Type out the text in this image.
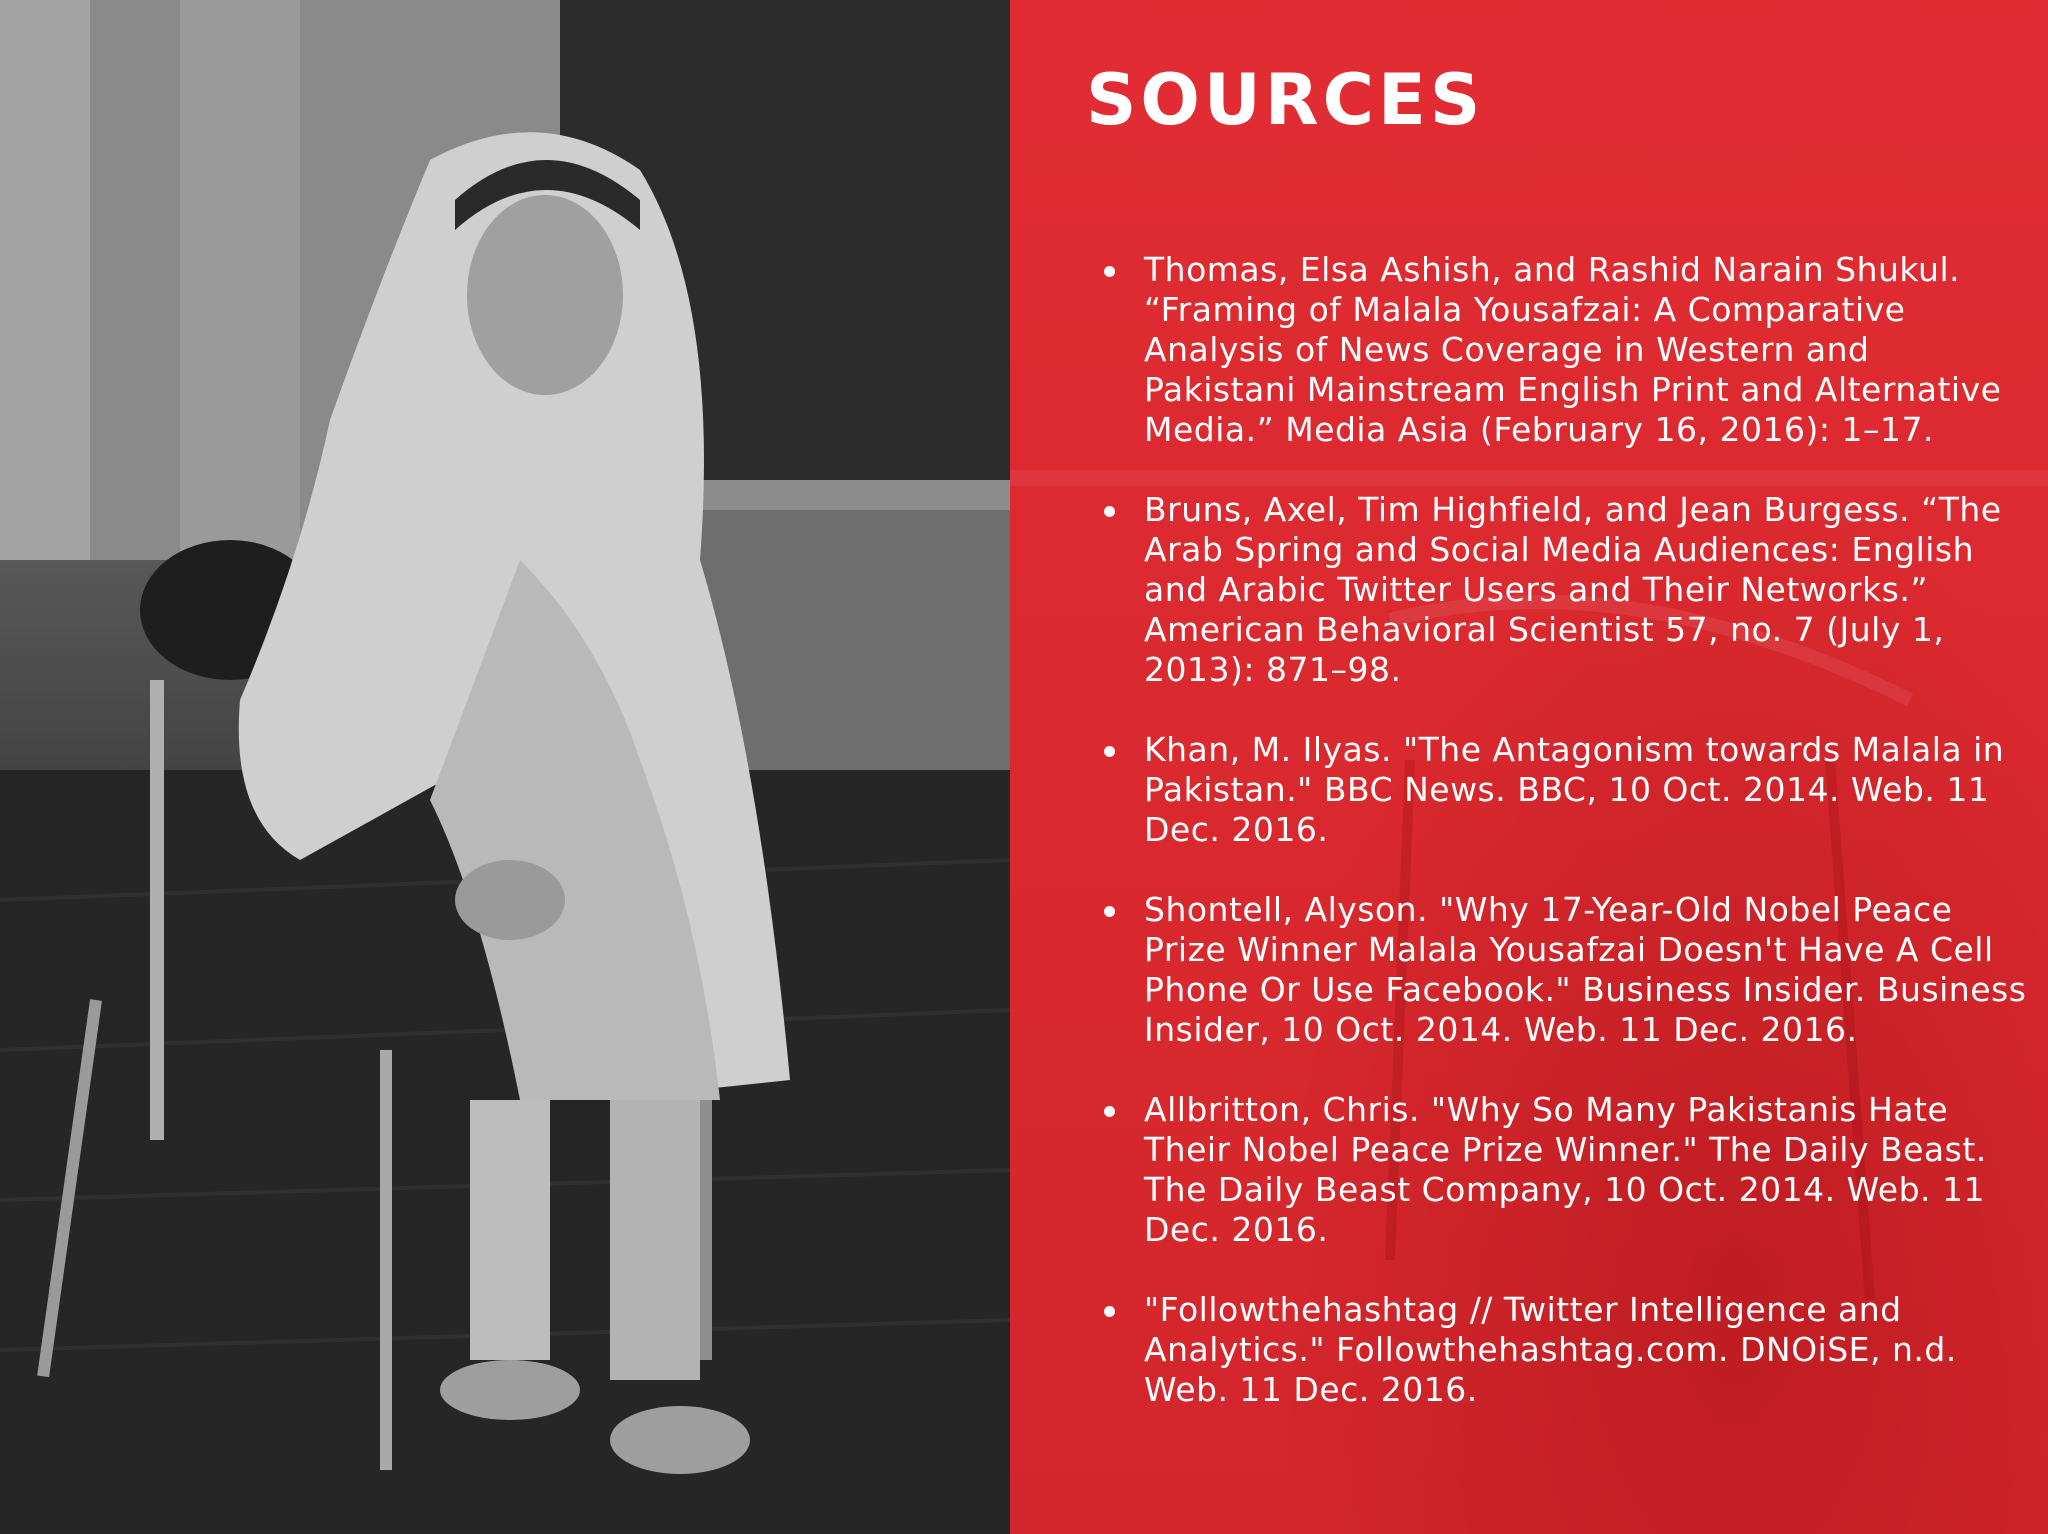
SOURCES
Thomas, Elsa Ashish, and Rashid Narain Shukul. “Framing of Malala Yousafzai: A Comparative Analysis of News Coverage in Western and Pakistani Mainstream English Print and Alternative Media.” Media Asia (February 16, 2016): 1–17.
Bruns, Axel, Tim Highfield, and Jean Burgess. “The Arab Spring and Social Media Audiences: English and Arabic Twitter Users and Their Networks.” American Behavioral Scientist 57, no. 7 (July 1, 2013): 871–98.
Khan, M. Ilyas. "The Antagonism towards Malala in Pakistan." BBC News. BBC, 10 Oct. 2014. Web. 11 Dec. 2016.
Shontell, Alyson. "Why 17-Year-Old Nobel Peace Prize Winner Malala Yousafzai Doesn't Have A Cell Phone Or Use Facebook." Business Insider. Business Insider, 10 Oct. 2014. Web. 11 Dec. 2016.
Allbritton, Chris. "Why So Many Pakistanis Hate Their Nobel Peace Prize Winner." The Daily Beast. The Daily Beast Company, 10 Oct. 2014. Web. 11 Dec. 2016.
"Followthehashtag // Twitter Intelligence and Analytics." Followthehashtag.com. DNOiSE, n.d. Web. 11 Dec. 2016.
